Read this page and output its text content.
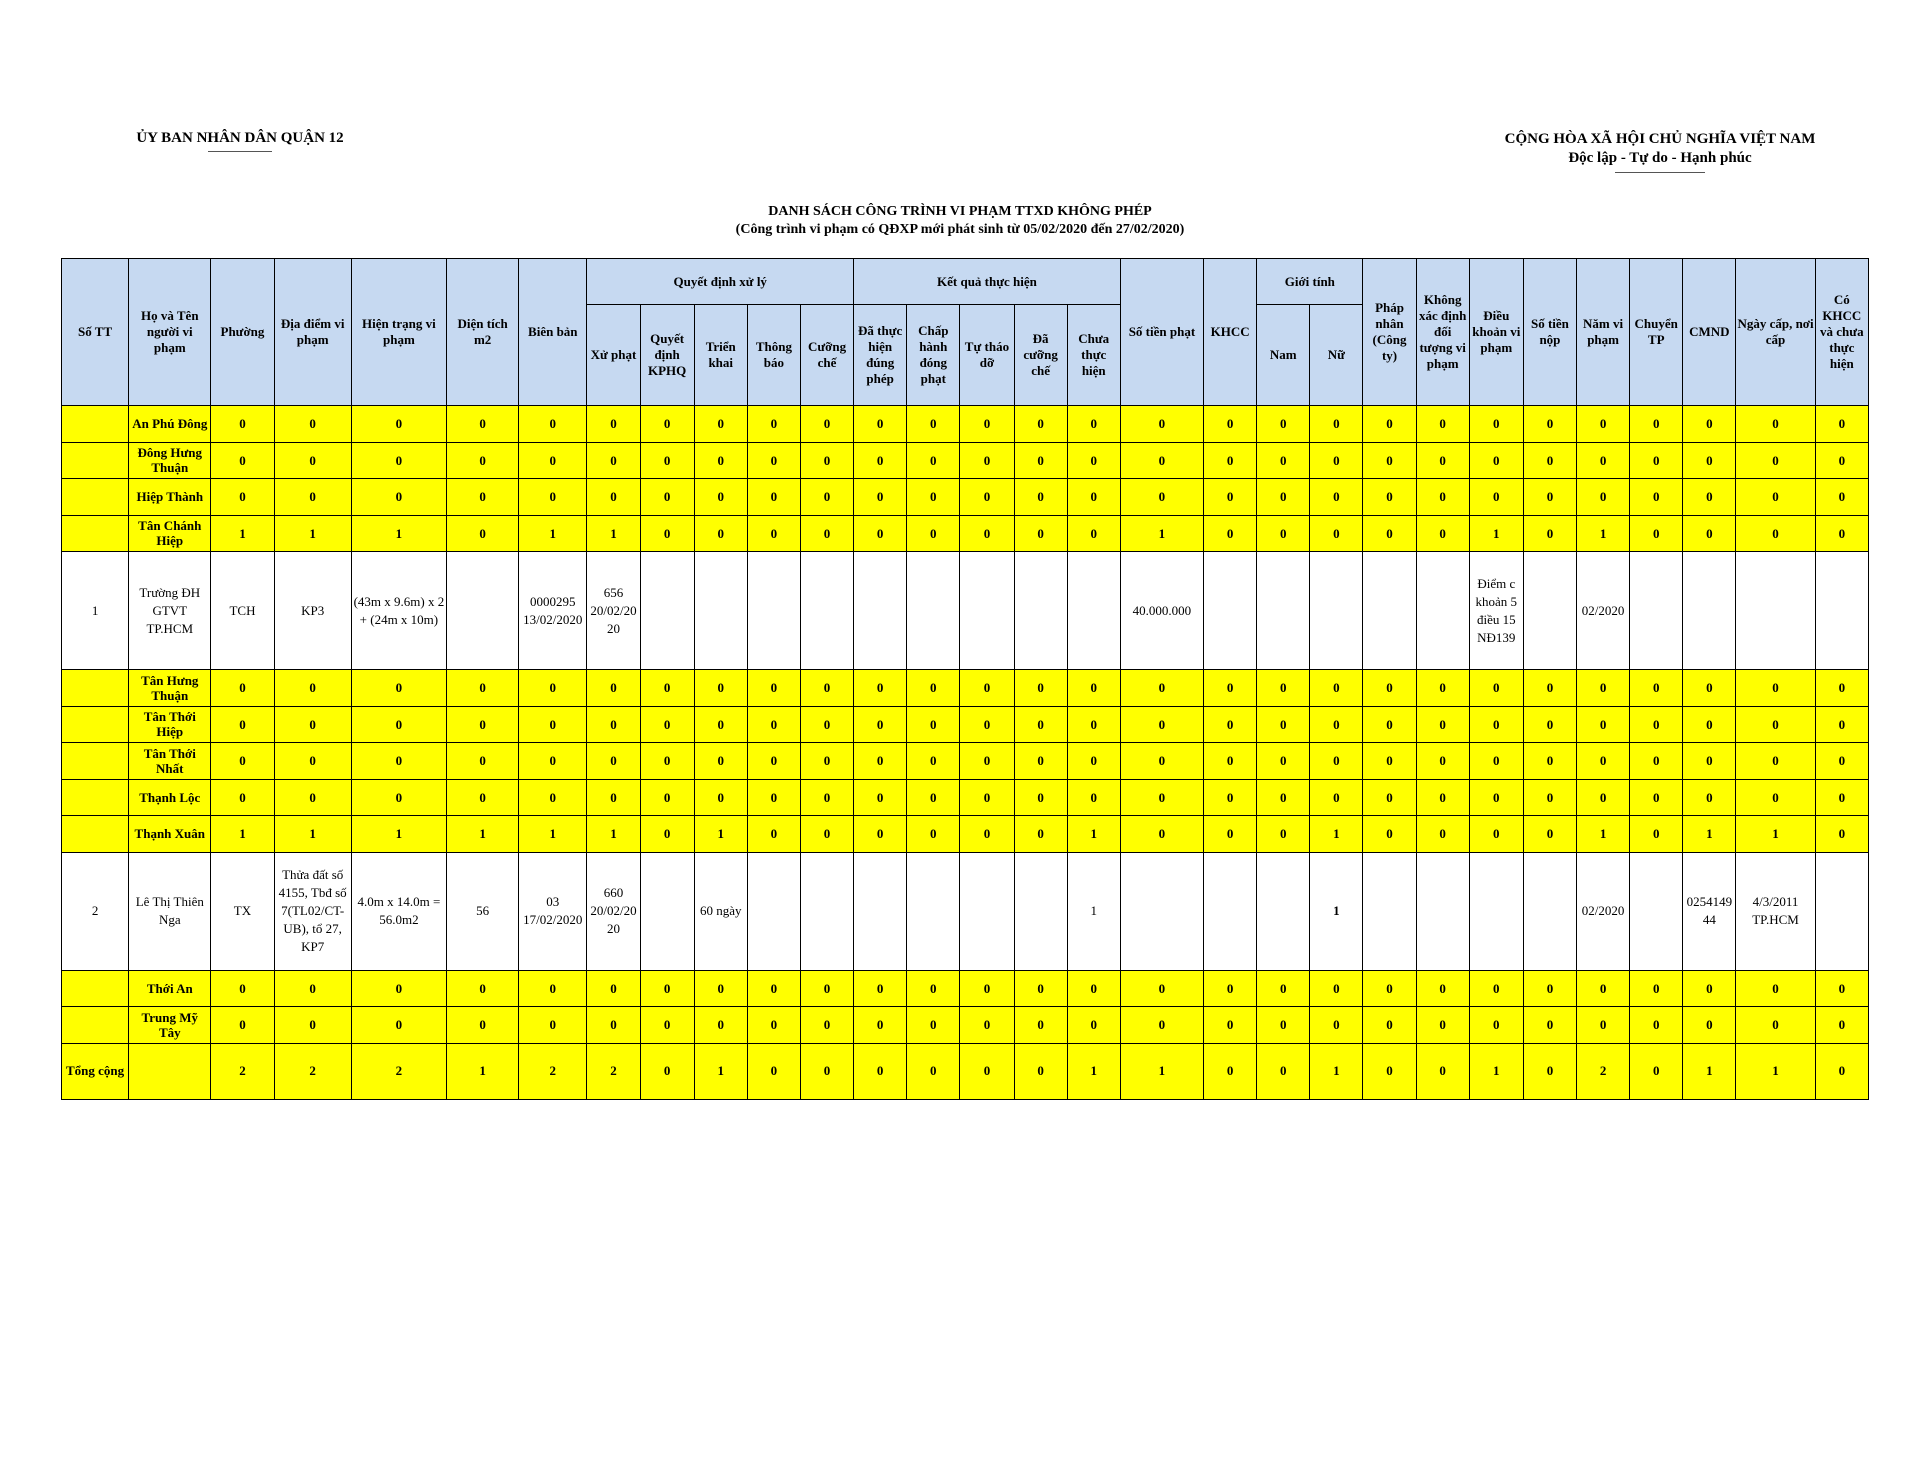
ỦY BAN NHÂN DÂN QUẬN 12	CỘNG HÒA XÃ HỘI CHỦ NGHĨA VIỆT NAM
Độc lập - Tự do - Hạnh phúc
DANH SÁCH CÔNG TRÌNH VI PHẠM TTXD KHÔNG PHÉP
(Công trình vi phạm có QĐXP mới phát sinh từ 05/02/2020 đến 27/02/2020)
Số TT	Họ và Tên người vi phạm	Phường	Địa điểm vi phạm	Hiện trạng vi phạm	Diện tích m2	Biên bản	Quyết định xử lý					Kết quả thực hiện					Số tiền phạt	KHCC	Giới tính		Pháp nhân (Công ty)	Không xác định đối tượng vi phạm	Điều khoản vi phạm	Số tiền nộp	Năm vi phạm	Chuyển TP	CMND	Ngày cấp, nơi cấp	Có KHCC và chưa thực hiện
							Xử phạt	Quyết định KPHQ	Triển khai	Thông báo	Cưỡng chế	Đã thực hiện đúng phép	Chấp hành đóng phạt	Tự tháo dỡ	Đã cưỡng chế	Chưa thực hiện			Nam	Nữ									
	An Phú Đông	0	0	0	0	0	0	0	0	0	0	0	0	0	0	0	0	0	0	0	0	0	0	0	0	0	0	0	0
	Đông Hưng Thuận	0	0	0	0	0	0	0	0	0	0	0	0	0	0	0	0	0	0	0	0	0	0	0	0	0	0	0	0
	Hiệp Thành	0	0	0	0	0	0	0	0	0	0	0	0	0	0	0	0	0	0	0	0	0	0	0	0	0	0	0	0
	Tân Chánh Hiệp	1	1	1	0	1	1	0	0	0	0	0	0	0	0	0	1	0	0	0	0	0	1	0	1	0	0	0	0
1	Trường ĐH GTVT TP.HCM	TCH	KP3	(43m x 9.6m) x 2 + (24m x 10m)		0000295 13/02/2020	656 20/02/2020										40.000.000						Điểm c khoản 5 điều 15 NĐ139		02/2020				
	Tân Hưng Thuận	0	0	0	0	0	0	0	0	0	0	0	0	0	0	0	0	0	0	0	0	0	0	0	0	0	0	0	0
	Tân Thới Hiệp	0	0	0	0	0	0	0	0	0	0	0	0	0	0	0	0	0	0	0	0	0	0	0	0	0	0	0	0
	Tân Thới Nhất	0	0	0	0	0	0	0	0	0	0	0	0	0	0	0	0	0	0	0	0	0	0	0	0	0	0	0	0
	Thạnh Lộc	0	0	0	0	0	0	0	0	0	0	0	0	0	0	0	0	0	0	0	0	0	0	0	0	0	0	0	0
	Thạnh Xuân	1	1	1	1	1	1	0	1	0	0	0	0	0	0	1	0	0	0	1	0	0	0	0	1	0	1	1	0
2	Lê Thị Thiên Nga	TX	Thửa đất số 4155, Tbđ số 7(TL02/CT-UB), tổ 27, KP7	4.0m x 14.0m = 56.0m2	56	03 17/02/2020	660 20/02/2020		60 ngày							1				1					02/2020		025414944	4/3/2011 TP.HCM	
	Thới An	0	0	0	0	0	0	0	0	0	0	0	0	0	0	0	0	0	0	0	0	0	0	0	0	0	0	0	0
	Trung Mỹ Tây	0	0	0	0	0	0	0	0	0	0	0	0	0	0	0	0	0	0	0	0	0	0	0	0	0	0	0	0
Tổng cộng		2	2	2	1	2	2	0	1	0	0	0	0	0	0	1	1	0	0	1	0	0	1	0	2	0	1	1	0
